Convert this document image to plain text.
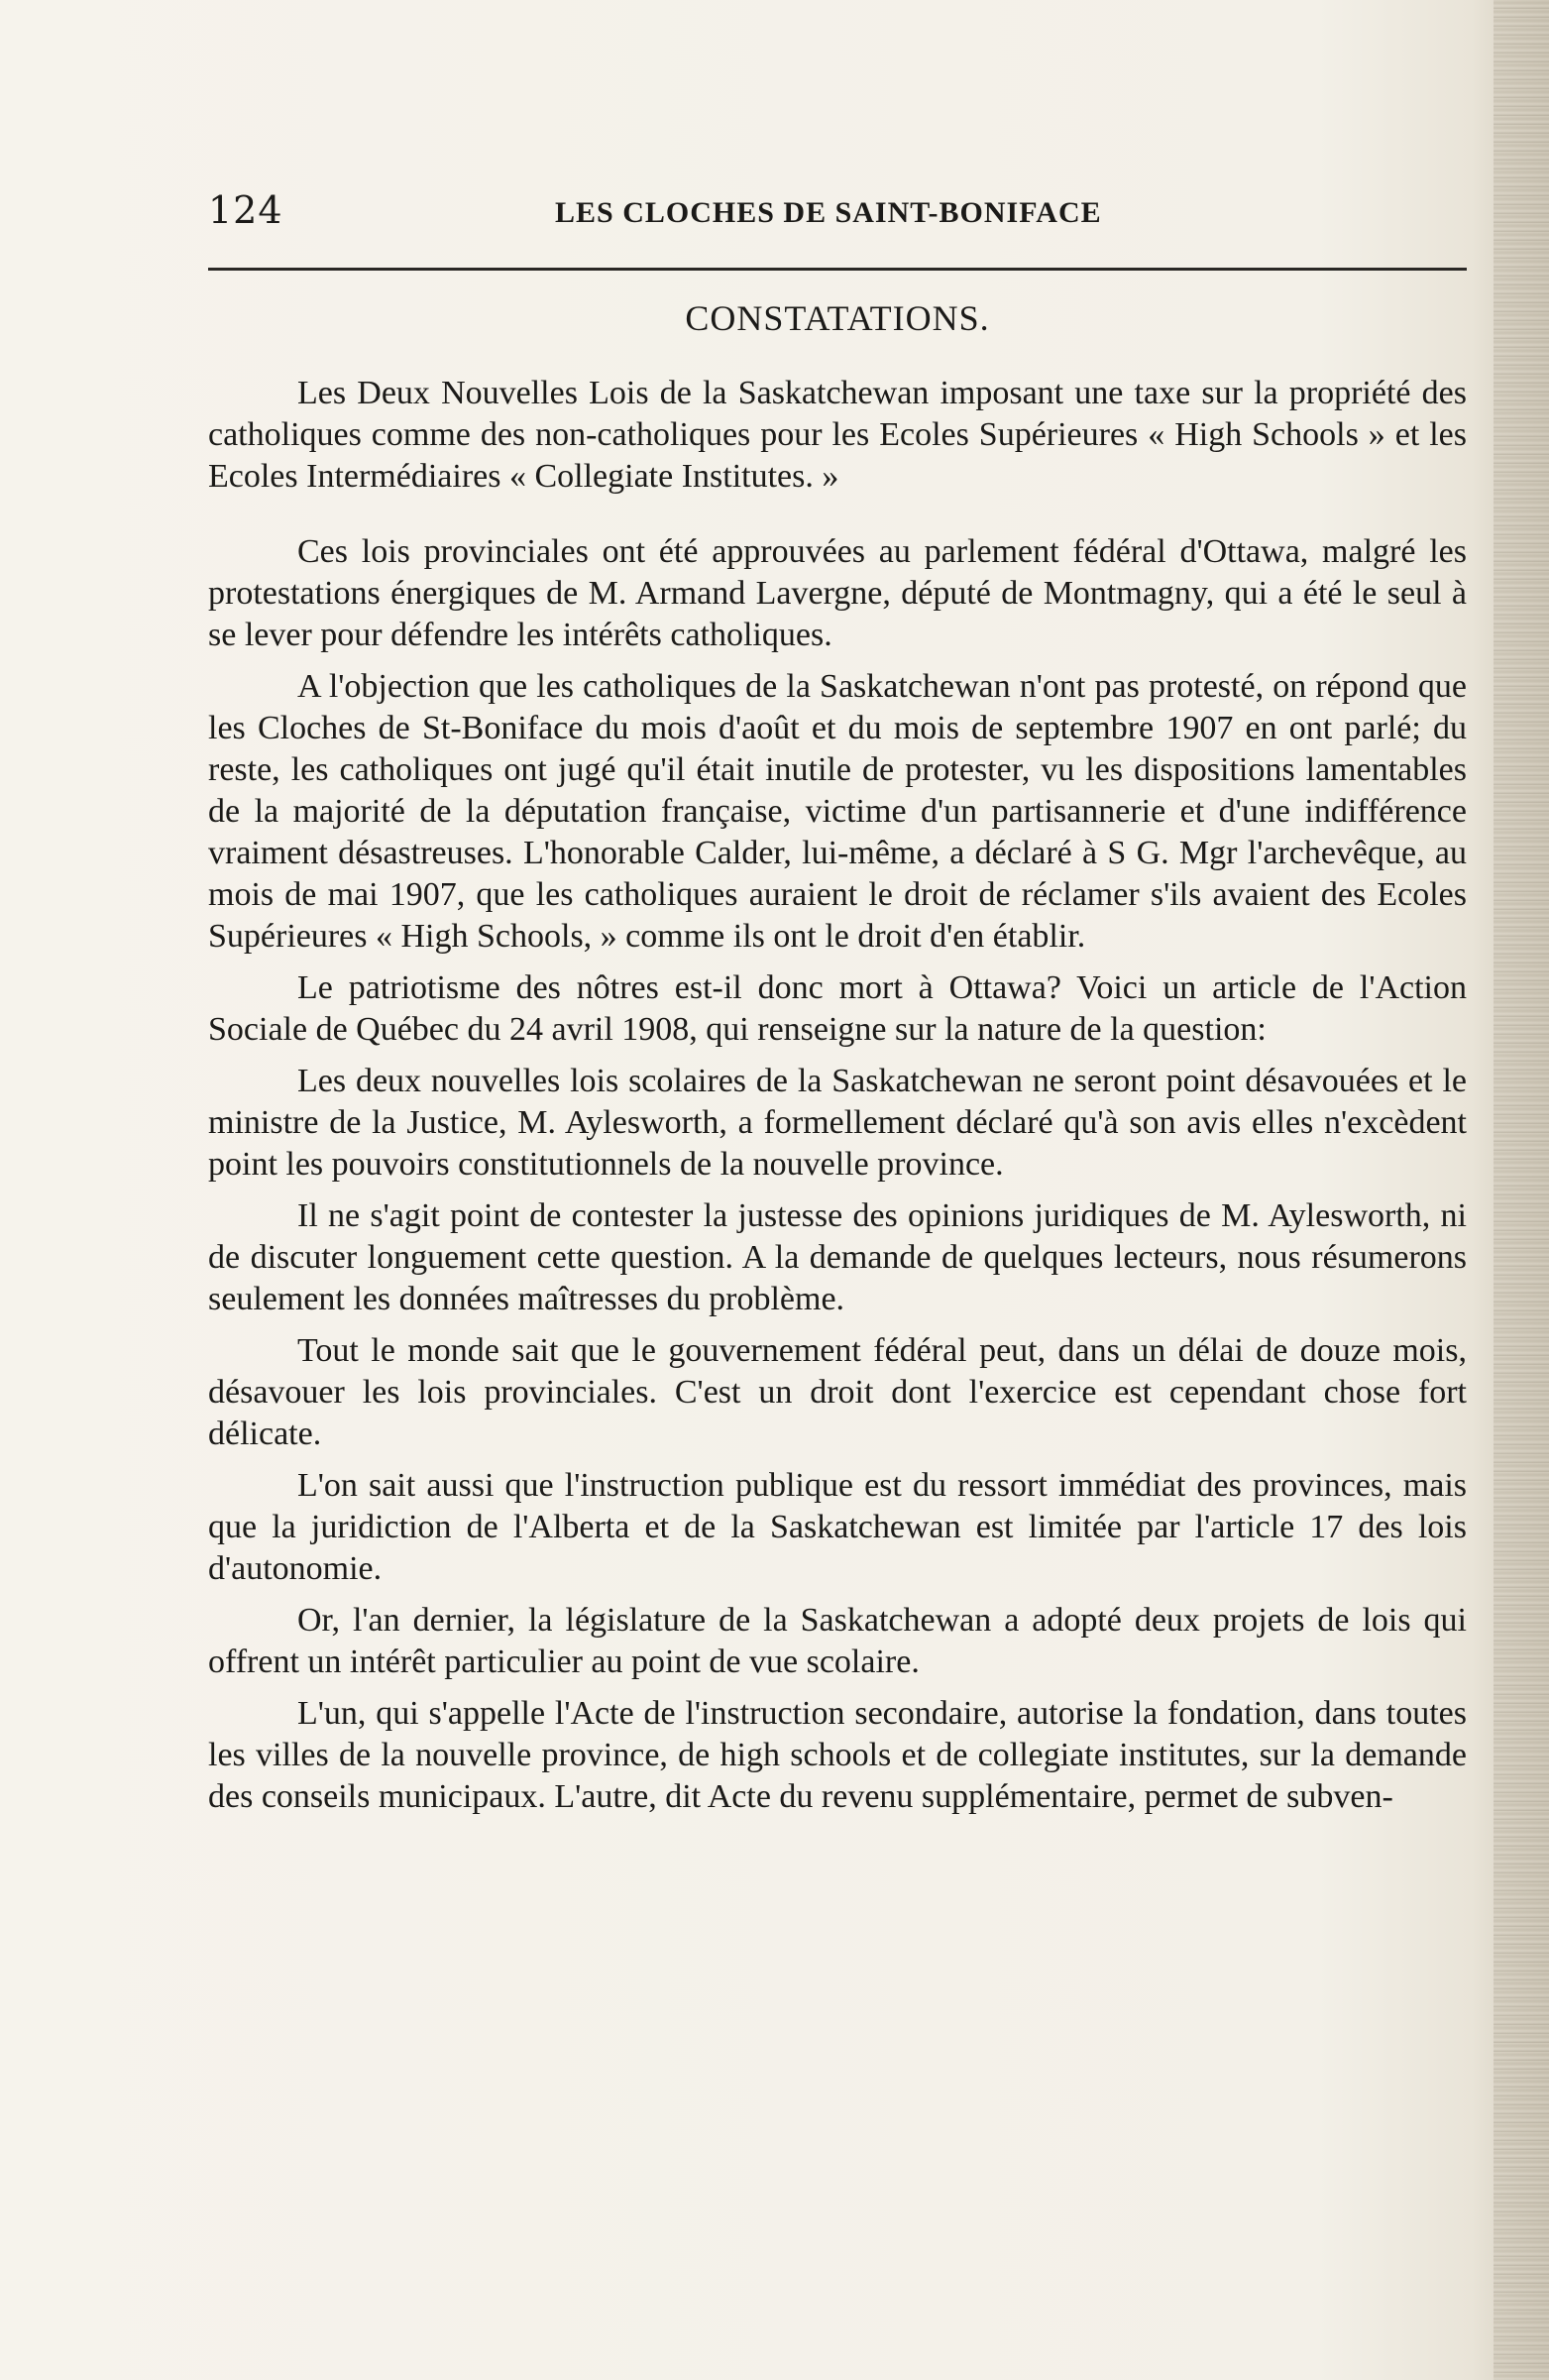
124	LES CLOCHES DE SAINT-BONIFACE
CONSTATATIONS.

Les Deux Nouvelles Lois de la Saskatchewan imposant une taxe sur la propriété des catholiques comme des non-catholiques pour les Ecoles Supérieures « High Schools » et les Ecoles Intermédiaires « Collegiate Institutes. »

Ces lois provinciales ont été approuvées au parlement fédéral d'Ottawa, malgré les protestations énergiques de M. Armand Lavergne, député de Montmagny, qui a été le seul à se lever pour défendre les intérêts catholiques.

A l'objection que les catholiques de la Saskatchewan n'ont pas protesté, on répond que les Cloches de St-Boniface du mois d'août et du mois de septembre 1907 en ont parlé; du reste, les catholiques ont jugé qu'il était inutile de protester, vu les dispositions lamentables de la majorité de la députation française, victime d'un partisannerie et d'une indifférence vraiment désastreuses. L'honorable Calder, lui-même, a déclaré à S G. Mgr l'archevêque, au mois de mai 1907, que les catholiques auraient le droit de réclamer s'ils avaient des Ecoles Supérieures « High Schools, » comme ils ont le droit d'en établir.

Le patriotisme des nôtres est-il donc mort à Ottawa? Voici un article de l'Action Sociale de Québec du 24 avril 1908, qui renseigne sur la nature de la question:

Les deux nouvelles lois scolaires de la Saskatchewan ne seront point désavouées et le ministre de la Justice, M. Aylesworth, a formellement déclaré qu'à son avis elles n'excèdent point les pouvoirs constitutionnels de la nouvelle province.

Il ne s'agit point de contester la justesse des opinions juridiques de M. Aylesworth, ni de discuter longuement cette question. A la demande de quelques lecteurs, nous résumerons seulement les données maîtresses du problème.

Tout le monde sait que le gouvernement fédéral peut, dans un délai de douze mois, désavouer les lois provinciales. C'est un droit dont l'exercice est cependant chose fort délicate.

L'on sait aussi que l'instruction publique est du ressort immédiat des provinces, mais que la juridiction de l'Alberta et de la Saskatchewan est limitée par l'article 17 des lois d'autonomie.

Or, l'an dernier, la législature de la Saskatchewan a adopté deux projets de lois qui offrent un intérêt particulier au point de vue scolaire.

L'un, qui s'appelle l'Acte de l'instruction secondaire, autorise la fondation, dans toutes les villes de la nouvelle province, de high schools et de collegiate institutes, sur la demande des conseils municipaux. L'autre, dit Acte du revenu supplémentaire, permet de subven-
